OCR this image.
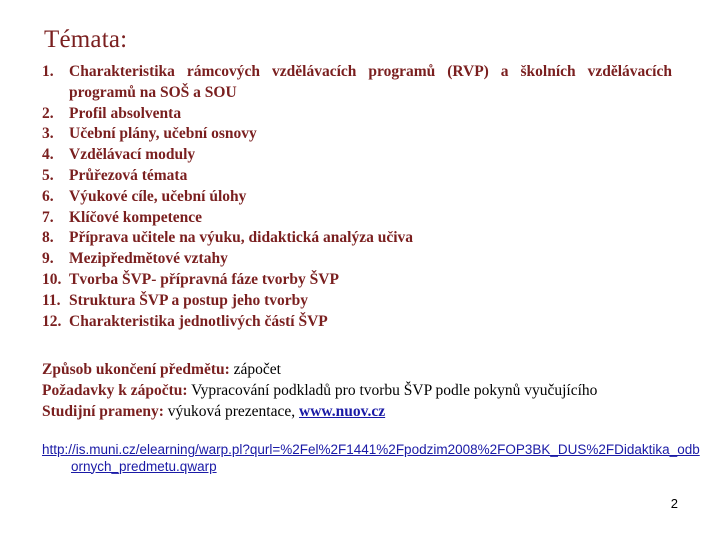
Témata:
1. Charakteristika rámcových vzdělávacích programů (RVP) a školních vzdělávacích programů na SOŠ a SOU
2. Profil absolventa
3. Učební plány, učební osnovy
4. Vzdělávací moduly
5. Průřezová témata
6. Výukové cíle, učební úlohy
7. Klíčové kompetence
8. Příprava učitele na výuku, didaktická analýza učiva
9. Mezipředmětové vztahy
10. Tvorba ŠVP- přípravná fáze tvorby ŠVP
11. Struktura ŠVP a postup jeho tvorby
12. Charakteristika jednotlivých částí ŠVP

Způsob ukončení předmětu: zápočet

Požadavky k zápočtu: Vypracování podkladů pro tvorbu ŠVP podle pokynů vyučujícího

Studijní prameny: výuková prezentace, www.nuov.cz

http://is.muni.cz/elearning/warp.pl?qurl=%2Fel%2F1441%2Fpodzim2008%2FOP3BK_DUS%2FDidaktika_odbornych_predmetu.qwarp
2
